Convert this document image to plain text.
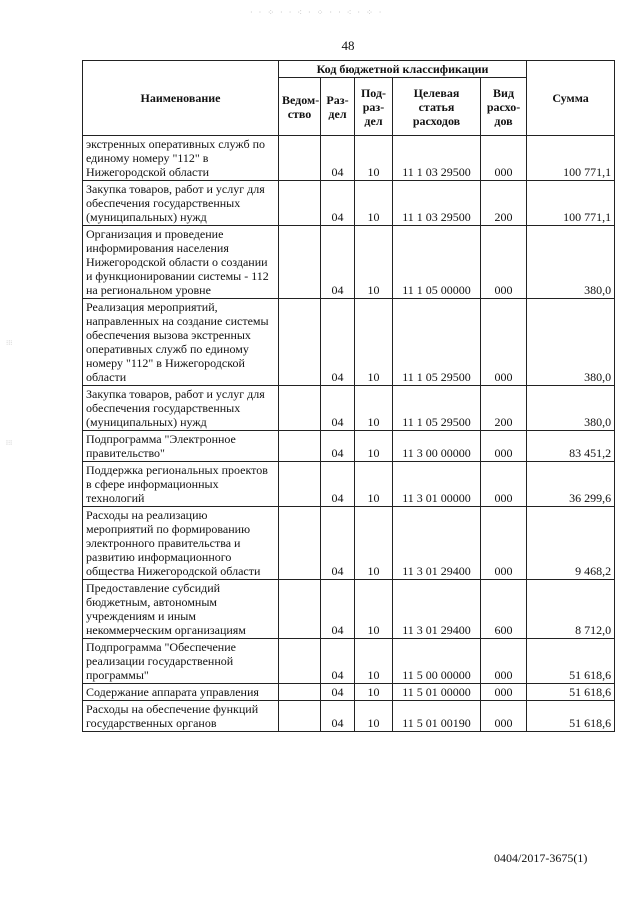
· · ⁘ · · ⁖ · ⁘ · · ⁖ · ⁘ ·
⁝⁞⁝
⁞⁝⁞
48
Наименование	Код бюджетной классификации					Сумма
	Ведом-ство	Раз-дел	Под-раз-дел	Целевая статья расходов	Вид расхо-дов	
экстренных оперативных служб по единому номеру "112" в Нижегородской области		04	10	11 1 03 29500	000	100 771,1
Закупка товаров, работ и услуг для обеспечения государственных (муниципальных) нужд		04	10	11 1 03 29500	200	100 771,1
Организация и проведение информирования населения Нижегородской области о создании и функционировании системы - 112 на региональном уровне		04	10	11 1 05 00000	000	380,0
Реализация мероприятий, направленных на создание системы обеспечения вызова экстренных оперативных служб по единому номеру "112" в Нижегородской области		04	10	11 1 05 29500	000	380,0
Закупка товаров, работ и услуг для обеспечения государственных (муниципальных) нужд		04	10	11 1 05 29500	200	380,0
Подпрограмма "Электронное правительство"		04	10	11 3 00 00000	000	83 451,2
Поддержка региональных проектов в сфере информационных технологий		04	10	11 3 01 00000	000	36 299,6
Расходы на реализацию мероприятий по формированию электронного правительства и развитию информационного общества Нижегородской области		04	10	11 3 01 29400	000	9 468,2
Предоставление субсидий бюджетным, автономным учреждениям и иным некоммерческим организациям		04	10	11 3 01 29400	600	8 712,0
Подпрограмма "Обеспечение реализации государственной программы"		04	10	11 5 00 00000	000	51 618,6
Содержание аппарата управления		04	10	11 5 01 00000	000	51 618,6
Расходы на обеспечение функций государственных органов		04	10	11 5 01 00190	000	51 618,6
0404/2017-3675(1)
